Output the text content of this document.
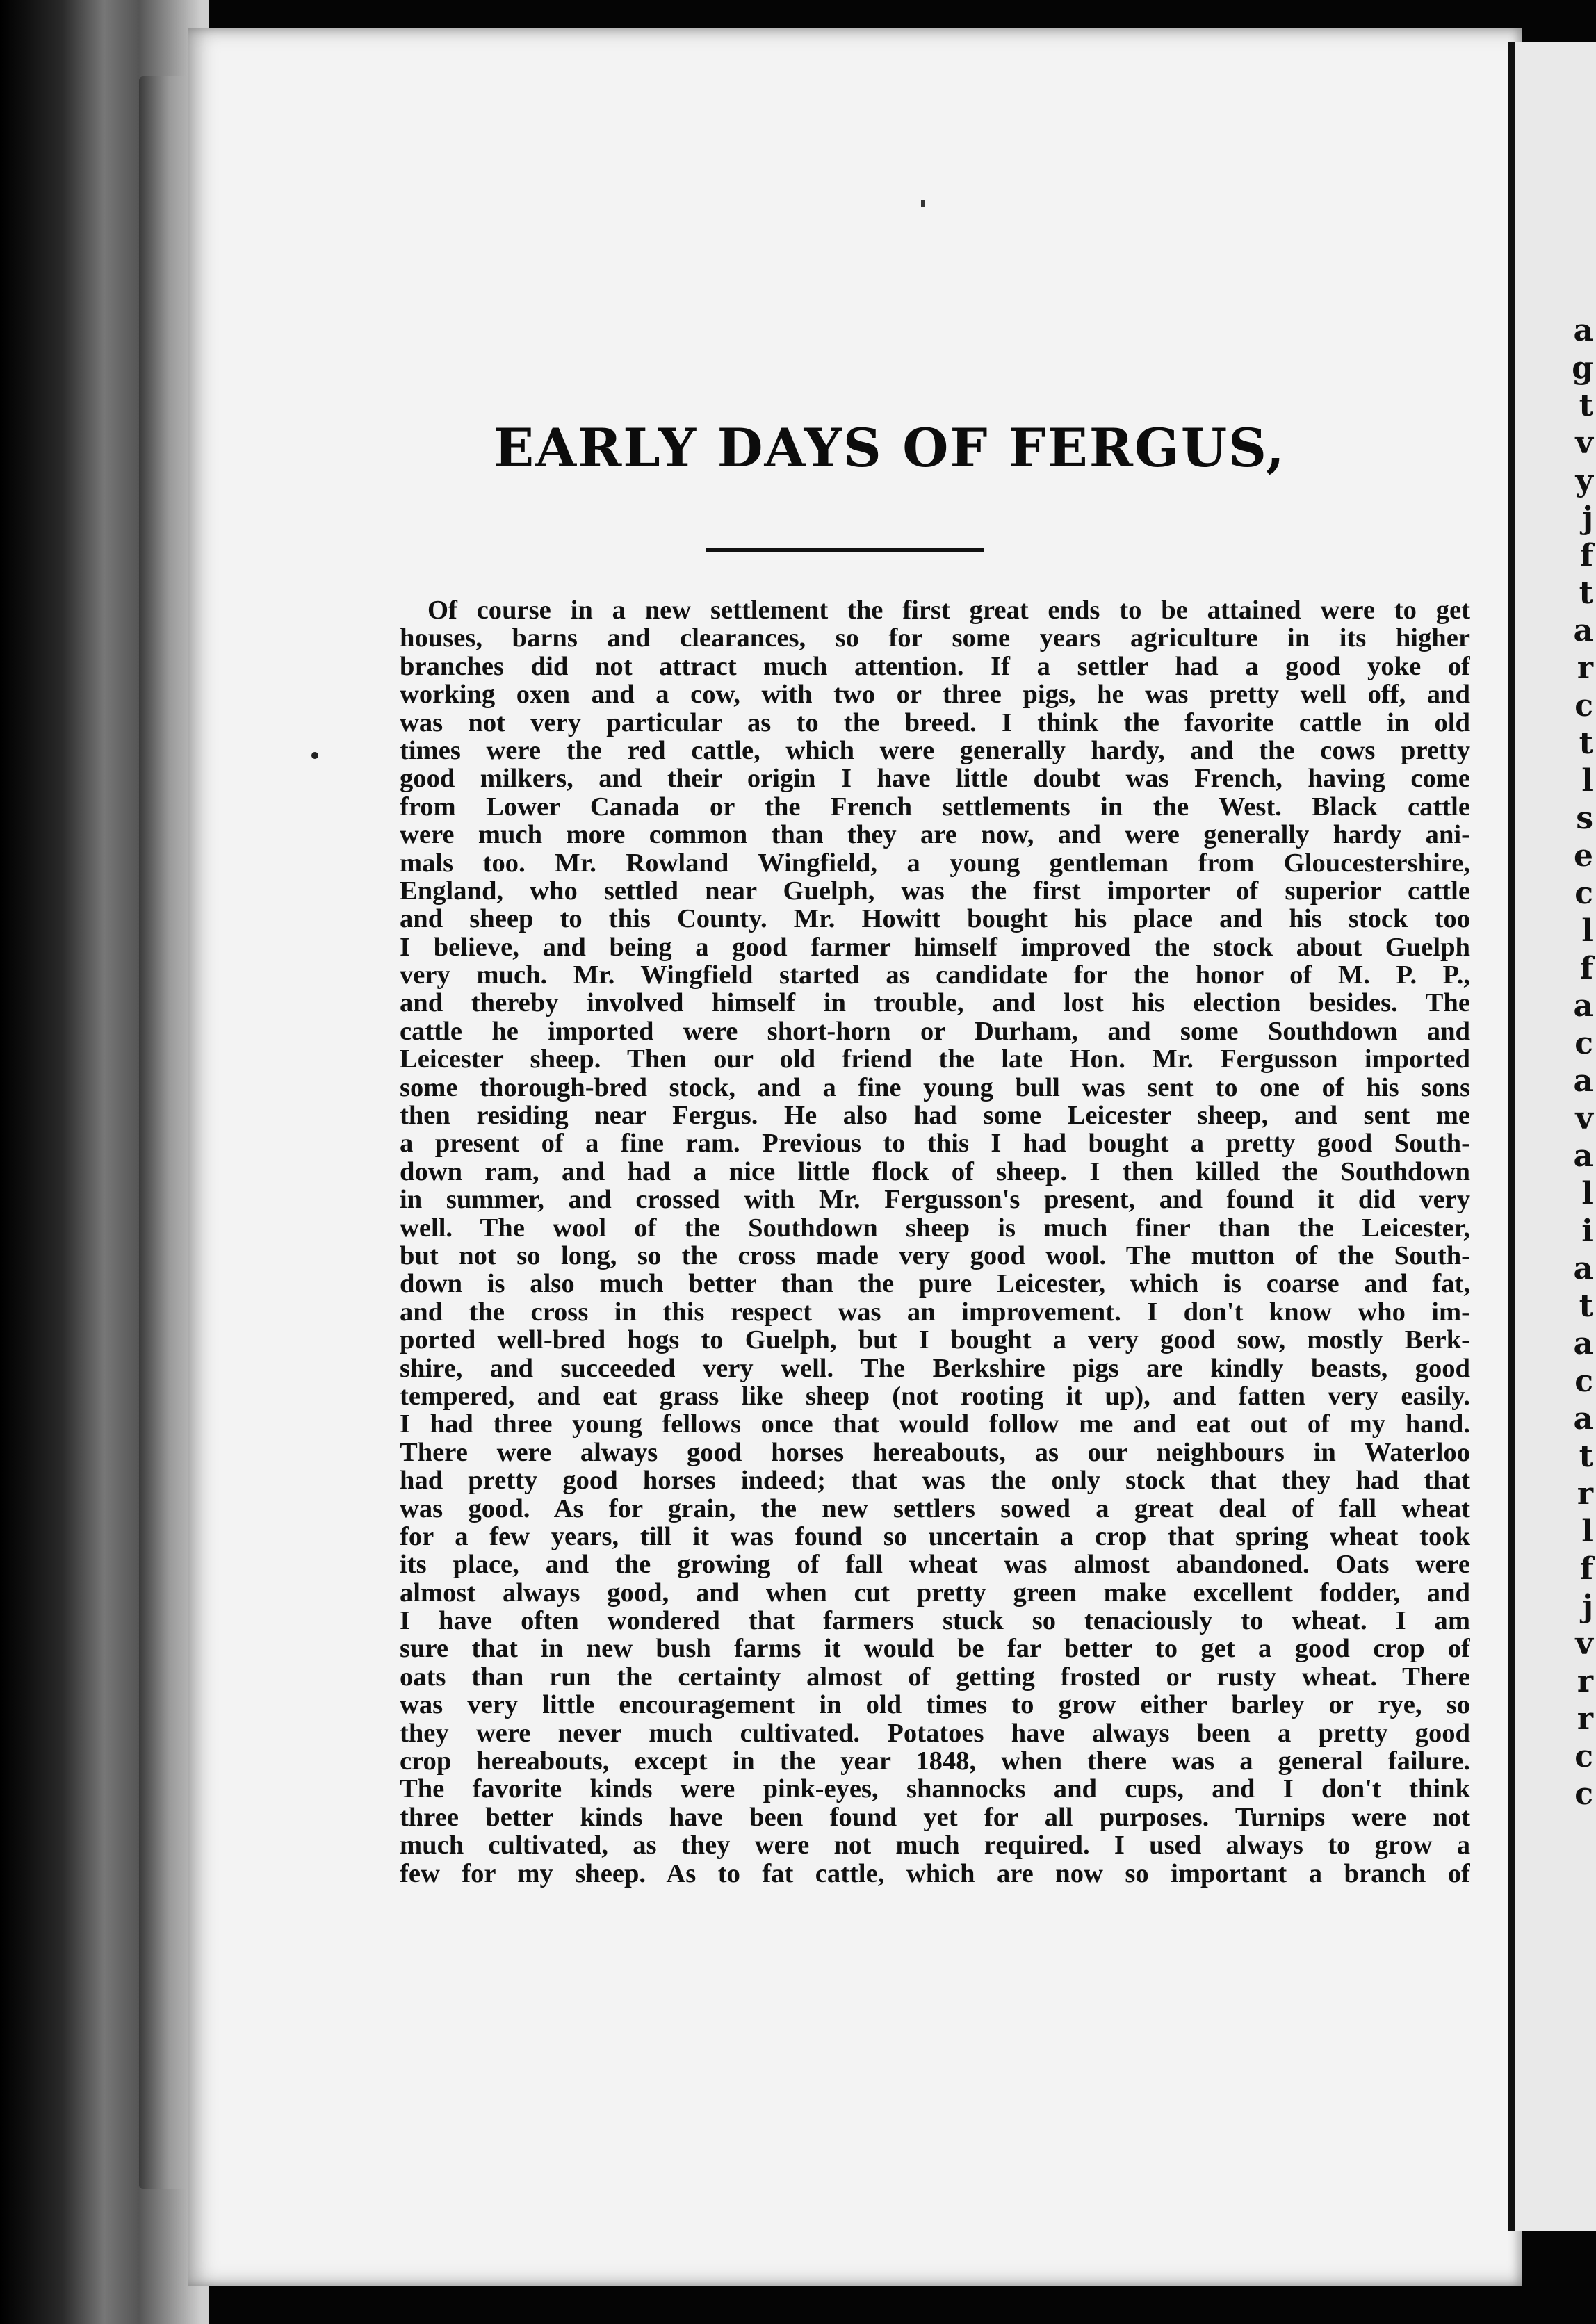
a
g
t
v
y
j
f
t
a
r
c
t
l
s
e
c
l
f
a
c
a
v
a
l
i
a
t
a
c
a
t
r
l
f
j
v
r
r
c
c
EARLY DAYS OF FERGUS,
Of course in a new settlement the first great ends to be attained were to get
houses, barns and clearances, so for some years agriculture in its higher
branches did not attract much attention. If a settler had a good yoke of
working oxen and a cow, with two or three pigs, he was pretty well off, and
was not very particular as to the breed. I think the favorite cattle in old
times were the red cattle, which were generally hardy, and the cows pretty
good milkers, and their origin I have little doubt was French, having come
from Lower Canada or the French settlements in the West. Black cattle
were much more common than they are now, and were generally hardy ani-
mals too. Mr. Rowland Wingfield, a young gentleman from Gloucestershire,
England, who settled near Guelph, was the first importer of superior cattle
and sheep to this County. Mr. Howitt bought his place and his stock too
I believe, and being a good farmer himself improved the stock about Guelph
very much. Mr. Wingfield started as candidate for the honor of M. P. P.,
and thereby involved himself in trouble, and lost his election besides. The
cattle he imported were short-horn or Durham, and some Southdown and
Leicester sheep. Then our old friend the late Hon. Mr. Fergusson imported
some thorough-bred stock, and a fine young bull was sent to one of his sons
then residing near Fergus. He also had some Leicester sheep, and sent me
a present of a fine ram. Previous to this I had bought a pretty good South-
down ram, and had a nice little flock of sheep. I then killed the Southdown
in summer, and crossed with Mr. Fergusson's present, and found it did very
well. The wool of the Southdown sheep is much finer than the Leicester,
but not so long, so the cross made very good wool. The mutton of the South-
down is also much better than the pure Leicester, which is coarse and fat,
and the cross in this respect was an improvement. I don't know who im-
ported well-bred hogs to Guelph, but I bought a very good sow, mostly Berk-
shire, and succeeded very well. The Berkshire pigs are kindly beasts, good
tempered, and eat grass like sheep (not rooting it up), and fatten very easily.
I had three young fellows once that would follow me and eat out of my hand.
There were always good horses hereabouts, as our neighbours in Waterloo
had pretty good horses indeed; that was the only stock that they had that
was good. As for grain, the new settlers sowed a great deal of fall wheat
for a few years, till it was found so uncertain a crop that spring wheat took
its place, and the growing of fall wheat was almost abandoned. Oats were
almost always good, and when cut pretty green make excellent fodder, and
I have often wondered that farmers stuck so tenaciously to wheat. I am
sure that in new bush farms it would be far better to get a good crop of
oats than run the certainty almost of getting frosted or rusty wheat. There
was very little encouragement in old times to grow either barley or rye, so
they were never much cultivated. Potatoes have always been a pretty good
crop hereabouts, except in the year 1848, when there was a general failure.
The favorite kinds were pink-eyes, shannocks and cups, and I don't think
three better kinds have been found yet for all purposes. Turnips were not
much cultivated, as they were not much required. I used always to grow a
few for my sheep. As to fat cattle, which are now so important a branch of
